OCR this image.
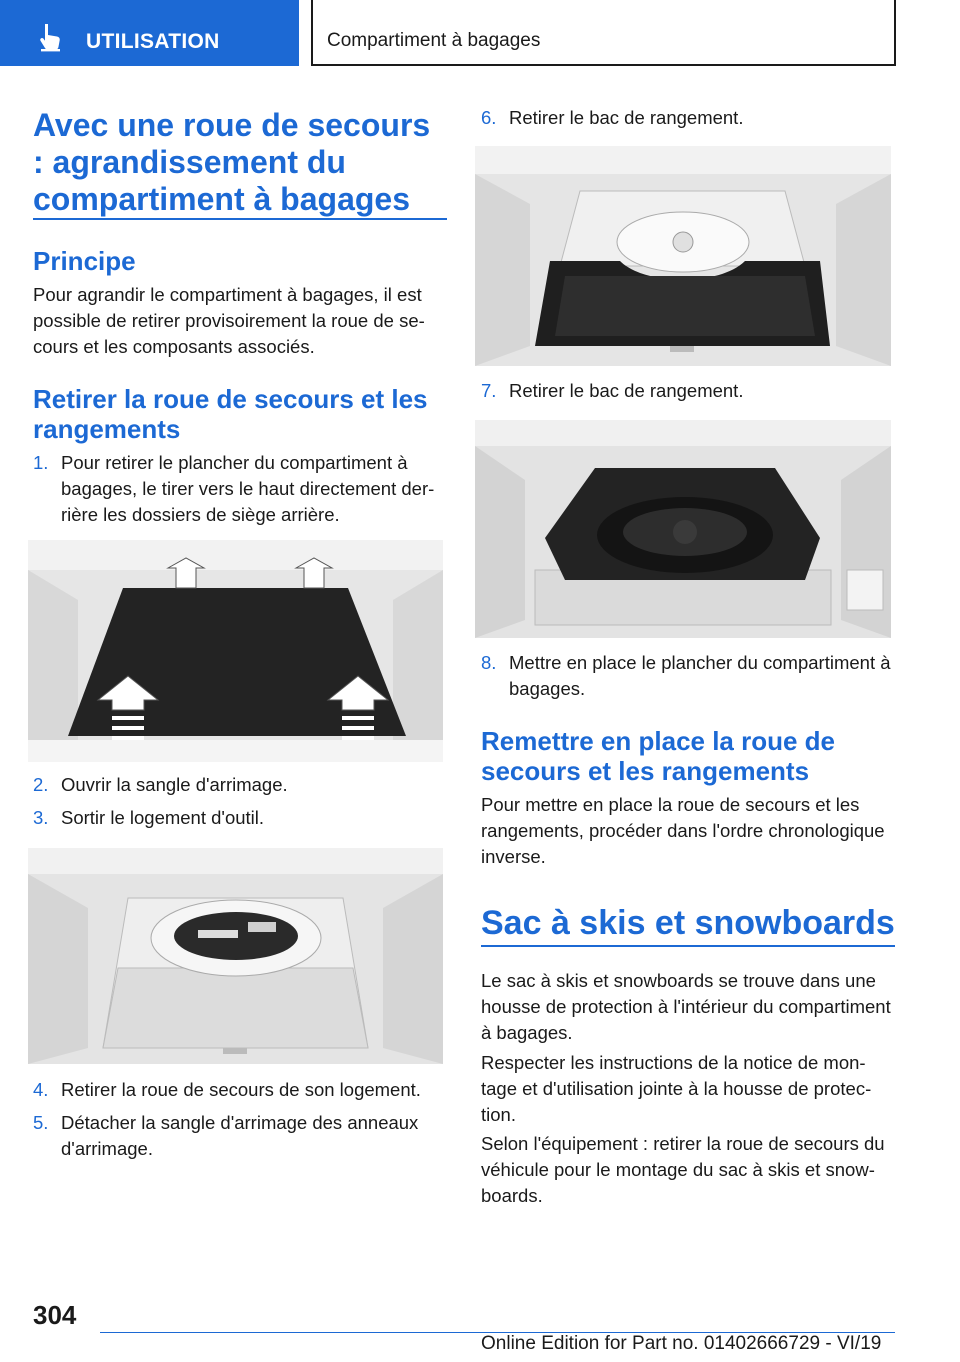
UTILISATION	Compartiment à bagages
Avec une roue de secours : agrandissement du compartiment à bagages
Principe

Pour agrandir le compartiment à bagages, il est possible de retirer provisoirement la roue de secours et les composants associés.

Retirer la roue de secours et les rangements
1. Pour retirer le plancher du compartiment à bagages, le tirer vers le haut directement derrière les dossiers de siège arrière.
2. Ouvrir la sangle d'arrimage.
3. Sortir le logement d'outil.
4. Retirer la roue de secours de son logement.
5. Détacher la sangle d'arrimage des anneaux d'arrimage.
6. Retirer le bac de rangement.
7. Retirer le bac de rangement.
8. Mettre en place le plancher du compartiment à bagages.
Remettre en place la roue de secours et les rangements

Pour mettre en place la roue de secours et les rangements, procéder dans l'ordre chronologique inverse.

Sac à skis et snowboards

Le sac à skis et snowboards se trouve dans une housse de protection à l'intérieur du compartiment à bagages.

Respecter les instructions de la notice de montage et d'utilisation jointe à la housse de protection.

Selon l'équipement : retirer la roue de secours du véhicule pour le montage du sac à skis et snowboards.

304
Online Edition for Part no. 01402666729 - VI/19
